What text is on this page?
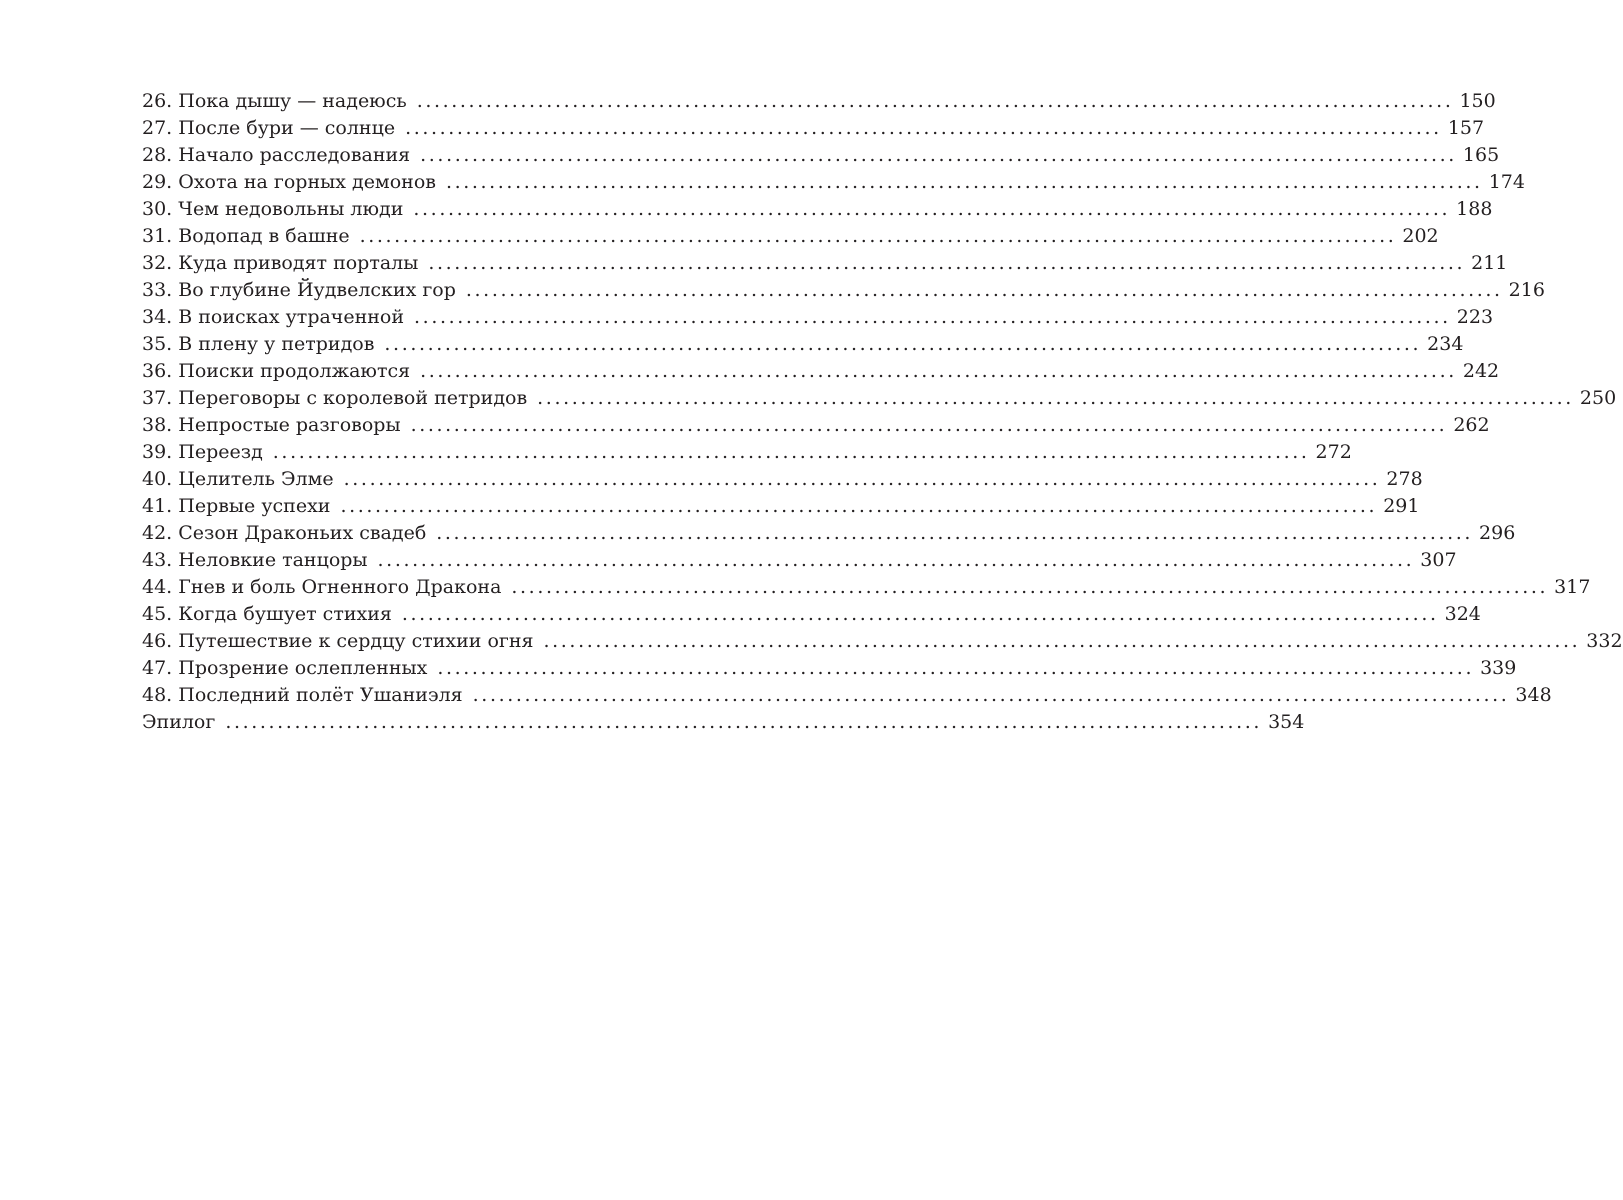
26. Пока дышу — надеюсь ........................................................................................................................ 150
27. После бури — солнце ........................................................................................................................ 157
28. Начало расследования ........................................................................................................................ 165
29. Охота на горных демонов ........................................................................................................................ 174
30. Чем недовольны люди ........................................................................................................................ 188
31. Водопад в башне ........................................................................................................................ 202
32. Куда приводят порталы ........................................................................................................................ 211
33. Во глубине Йудвелских гор ........................................................................................................................ 216
34. В поисках утраченной ........................................................................................................................ 223
35. В плену у петридов ........................................................................................................................ 234
36. Поиски продолжаются ........................................................................................................................ 242
37. Переговоры с королевой петридов ........................................................................................................................ 250
38. Непростые разговоры ........................................................................................................................ 262
39. Переезд ........................................................................................................................ 272
40. Целитель Элме ........................................................................................................................ 278
41. Первые успехи ........................................................................................................................ 291
42. Сезон Драконьих свадеб ........................................................................................................................ 296
43. Неловкие танцоры ........................................................................................................................ 307
44. Гнев и боль Огненного Дракона ........................................................................................................................ 317
45. Когда бушует стихия ........................................................................................................................ 324
46. Путешествие к сердцу стихии огня ........................................................................................................................ 332
47. Прозрение ослепленных ........................................................................................................................ 339
48. Последний полёт Ушаниэля ........................................................................................................................ 348
Эпилог ........................................................................................................................ 354
